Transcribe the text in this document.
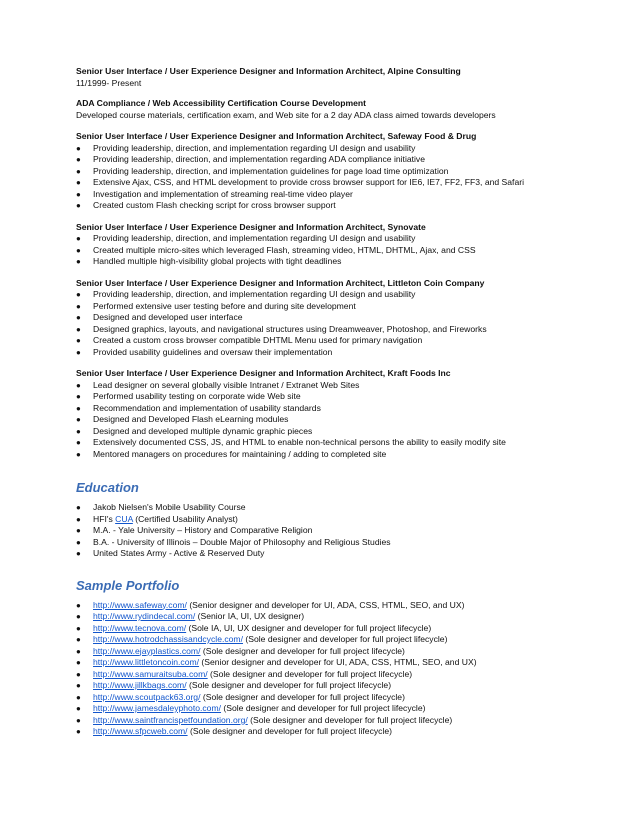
Senior User Interface / User Experience Designer and Information Architect, Alpine Consulting
11/1999- Present
ADA Compliance / Web Accessibility Certification Course Development
Developed course materials, certification exam, and Web site for a 2 day ADA class aimed towards developers
Senior User Interface / User Experience Designer and Information Architect, Safeway Food & Drug
● Providing leadership, direction, and implementation regarding UI design and usability
● Providing leadership, direction, and implementation regarding ADA compliance initiative
● Providing leadership, direction, and implementation guidelines for page load time optimization
● Extensive Ajax, CSS, and HTML development to provide cross browser support for IE6, IE7, FF2, FF3, and Safari
● Investigation and implementation of streaming real-time video player
● Created custom Flash checking script for cross browser support
Senior User Interface / User Experience Designer and Information Architect, Synovate
● Providing leadership, direction, and implementation regarding UI design and usability
● Created multiple micro-sites which leveraged Flash, streaming video, HTML, DHTML, Ajax, and CSS
● Handled multiple high-visibility global projects with tight deadlines
Senior User Interface / User Experience Designer and Information Architect, Littleton Coin Company
● Providing leadership, direction, and implementation regarding UI design and usability
● Performed extensive user testing before and during site development
● Designed and developed user interface
● Designed graphics, layouts, and navigational structures using Dreamweaver, Photoshop, and Fireworks
● Created a custom cross browser compatible DHTML Menu used for primary navigation
● Provided usability guidelines and oversaw their implementation
Senior User Interface / User Experience Designer and Information Architect, Kraft Foods Inc
● Lead designer on several globally visible Intranet / Extranet Web Sites
● Performed usability testing on corporate wide Web site
● Recommendation and implementation of usability standards
● Designed and Developed Flash eLearning modules
● Designed and developed multiple dynamic graphic pieces
● Extensively documented CSS, JS, and HTML to enable non-technical persons the ability to easily modify site
● Mentored managers on procedures for maintaining / adding to completed site
Education
● Jakob Nielsen's Mobile Usability Course
● HFI's CUA (Certified Usability Analyst)
● M.A. - Yale University – History and Comparative Religion
● B.A. - University of Illinois – Double Major of Philosophy and Religious Studies
● United States Army - Active & Reserved Duty
Sample Portfolio
● http://www.safeway.com/ (Senior designer and developer for UI, ADA, CSS, HTML, SEO, and UX)
● http://www.rydindecal.com/ (Senior IA, UI, UX designer)
● http://www.tecnova.com/ (Sole IA, UI, UX designer and developer for full project lifecycle)
● http://www.hotrodchassisandcycle.com/ (Sole designer and developer for full project lifecycle)
● http://www.ejayplastics.com/ (Sole designer and developer for full project lifecycle)
● http://www.littletoncoin.com/ (Senior designer and developer for UI, ADA, CSS, HTML, SEO, and UX)
● http://www.samuraitsuba.com/ (Sole designer and developer for full project lifecycle)
● http://www.jillkbags.com/ (Sole designer and developer for full project lifecycle)
● http://www.scoutpack63.org/ (Sole designer and developer for full project lifecycle)
● http://www.jamesdaleyphoto.com/ (Sole designer and developer for full project lifecycle)
● http://www.saintfrancispetfoundation.org/ (Sole designer and developer for full project lifecycle)
● http://www.sfpcweb.com/ (Sole designer and developer for full project lifecycle)
